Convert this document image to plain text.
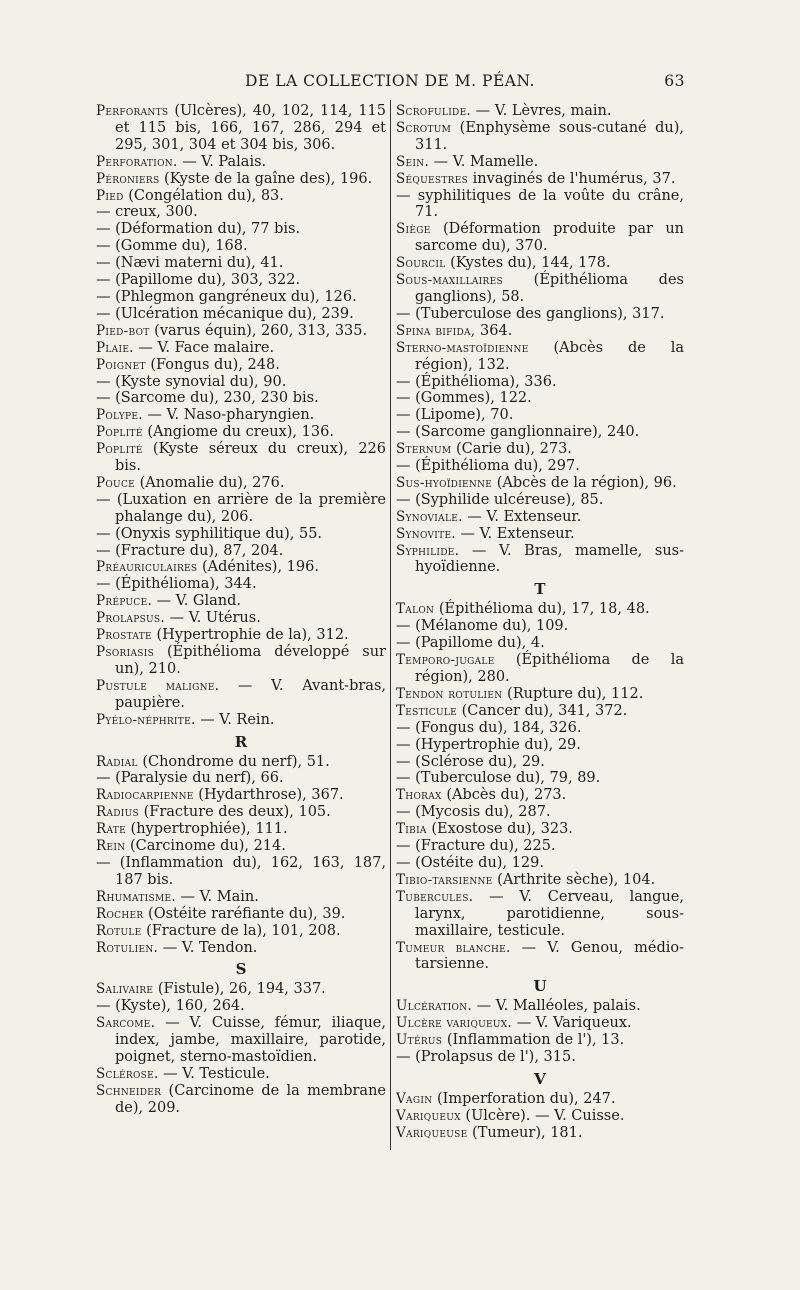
DE LA COLLECTION DE M. PÉAN.	63

Perforants (Ulcères), 40, 102, 114, 115 et 115 bis, 166, 167, 286, 294 et 295, 301, 304 et 304 bis, 306.

Perforation. — V. Palais.

Péroniers (Kyste de la gaîne des), 196.

Pied (Congélation du), 83.

— creux, 300.

— (Déformation du), 77 bis.

— (Gomme du), 168.

— (Nævi materni du), 41.

— (Papillome du), 303, 322.

— (Phlegmon gangréneux du), 126.

— (Ulcération mécanique du), 239.

Pied-bot (varus équin), 260, 313, 335.

Plaie. — V. Face malaire.

Poignet (Fongus du), 248.

— (Kyste synovial du), 90.

— (Sarcome du), 230, 230 bis.

Polype. — V. Naso-pharyngien.

Poplité (Angiome du creux), 136.

Poplité (Kyste séreux du creux), 226 bis.

Pouce (Anomalie du), 276.

— (Luxation en arrière de la première phalange du), 206.

— (Onyxis syphilitique du), 55.

— (Fracture du), 87, 204.

Préauriculaires (Adénites), 196.

— (Épithélioma), 344.

Prépuce. — V. Gland.

Prolapsus. — V. Utérus.

Prostate (Hypertrophie de la), 312.

Psoriasis (Épithélioma développé sur un), 210.

Pustule maligne. — V. Avant-bras, paupière.

Pyélo-néphrite. — V. Rein.

R

Radial (Chondrome du nerf), 51.

— (Paralysie du nerf), 66.

Radiocarpienne (Hydarthrose), 367.

Radius (Fracture des deux), 105.

Rate (hypertrophiée), 111.

Rein (Carcinome du), 214.

— (Inflammation du), 162, 163, 187, 187 bis.

Rhumatisme. — V. Main.

Rocher (Ostéite raréfiante du), 39.

Rotule (Fracture de la), 101, 208.

Rotulien. — V. Tendon.

S

Salivaire (Fistule), 26, 194, 337.

— (Kyste), 160, 264.

Sarcome. — V. Cuisse, fémur, iliaque, index, jambe, maxillaire, parotide, poignet, sterno-mastoïdien.

Sclérose. — V. Testicule.

Schneider (Carcinome de la membrane de), 209.

Scrofulide. — V. Lèvres, main.

Scrotum (Enphysème sous-cutané du), 311.

Sein. — V. Mamelle.

Séquestres invaginés de l'humérus, 37.

— syphilitiques de la voûte du crâne, 71.

Siège (Déformation produite par un sarcome du), 370.

Sourcil (Kystes du), 144, 178.

Sous-maxillaires (Épithélioma des ganglions), 58.

— (Tuberculose des ganglions), 317.

Spina bifida, 364.

Sterno-mastoïdienne (Abcès de la région), 132.

— (Épithélioma), 336.

— (Gommes), 122.

— (Lipome), 70.

— (Sarcome ganglionnaire), 240.

Sternum (Carie du), 273.

— (Épithélioma du), 297.

Sus-hyoïdienne (Abcès de la région), 96.

— (Syphilide ulcéreuse), 85.

Synoviale. — V. Extenseur.

Synovite. — V. Extenseur.

Syphilide. — V. Bras, mamelle, sus-hyoïdienne.

T

Talon (Épithélioma du), 17, 18, 48.

— (Mélanome du), 109.

— (Papillome du), 4.

Temporo-jugale (Épithélioma de la région), 280.

Tendon rotulien (Rupture du), 112.

Testicule (Cancer du), 341, 372.

— (Fongus du), 184, 326.

— (Hypertrophie du), 29.

— (Sclérose du), 29.

— (Tuberculose du), 79, 89.

Thorax (Abcès du), 273.

— (Mycosis du), 287.

Tibia (Exostose du), 323.

— (Fracture du), 225.

— (Ostéite du), 129.

Tibio-tarsienne (Arthrite sèche), 104.

Tubercules. — V. Cerveau, langue, larynx, parotidienne, sous-maxillaire, testicule.

Tumeur blanche. — V. Genou, médio-tarsienne.

U

Ulcération. — V. Malléoles, palais.

Ulcère variqueux. — V. Variqueux.

Utérus (Inflammation de l'), 13.

— (Prolapsus de l'), 315.

V

Vagin (Imperforation du), 247.

Variqueux (Ulcère). — V. Cuisse.

Variqueuse (Tumeur), 181.
